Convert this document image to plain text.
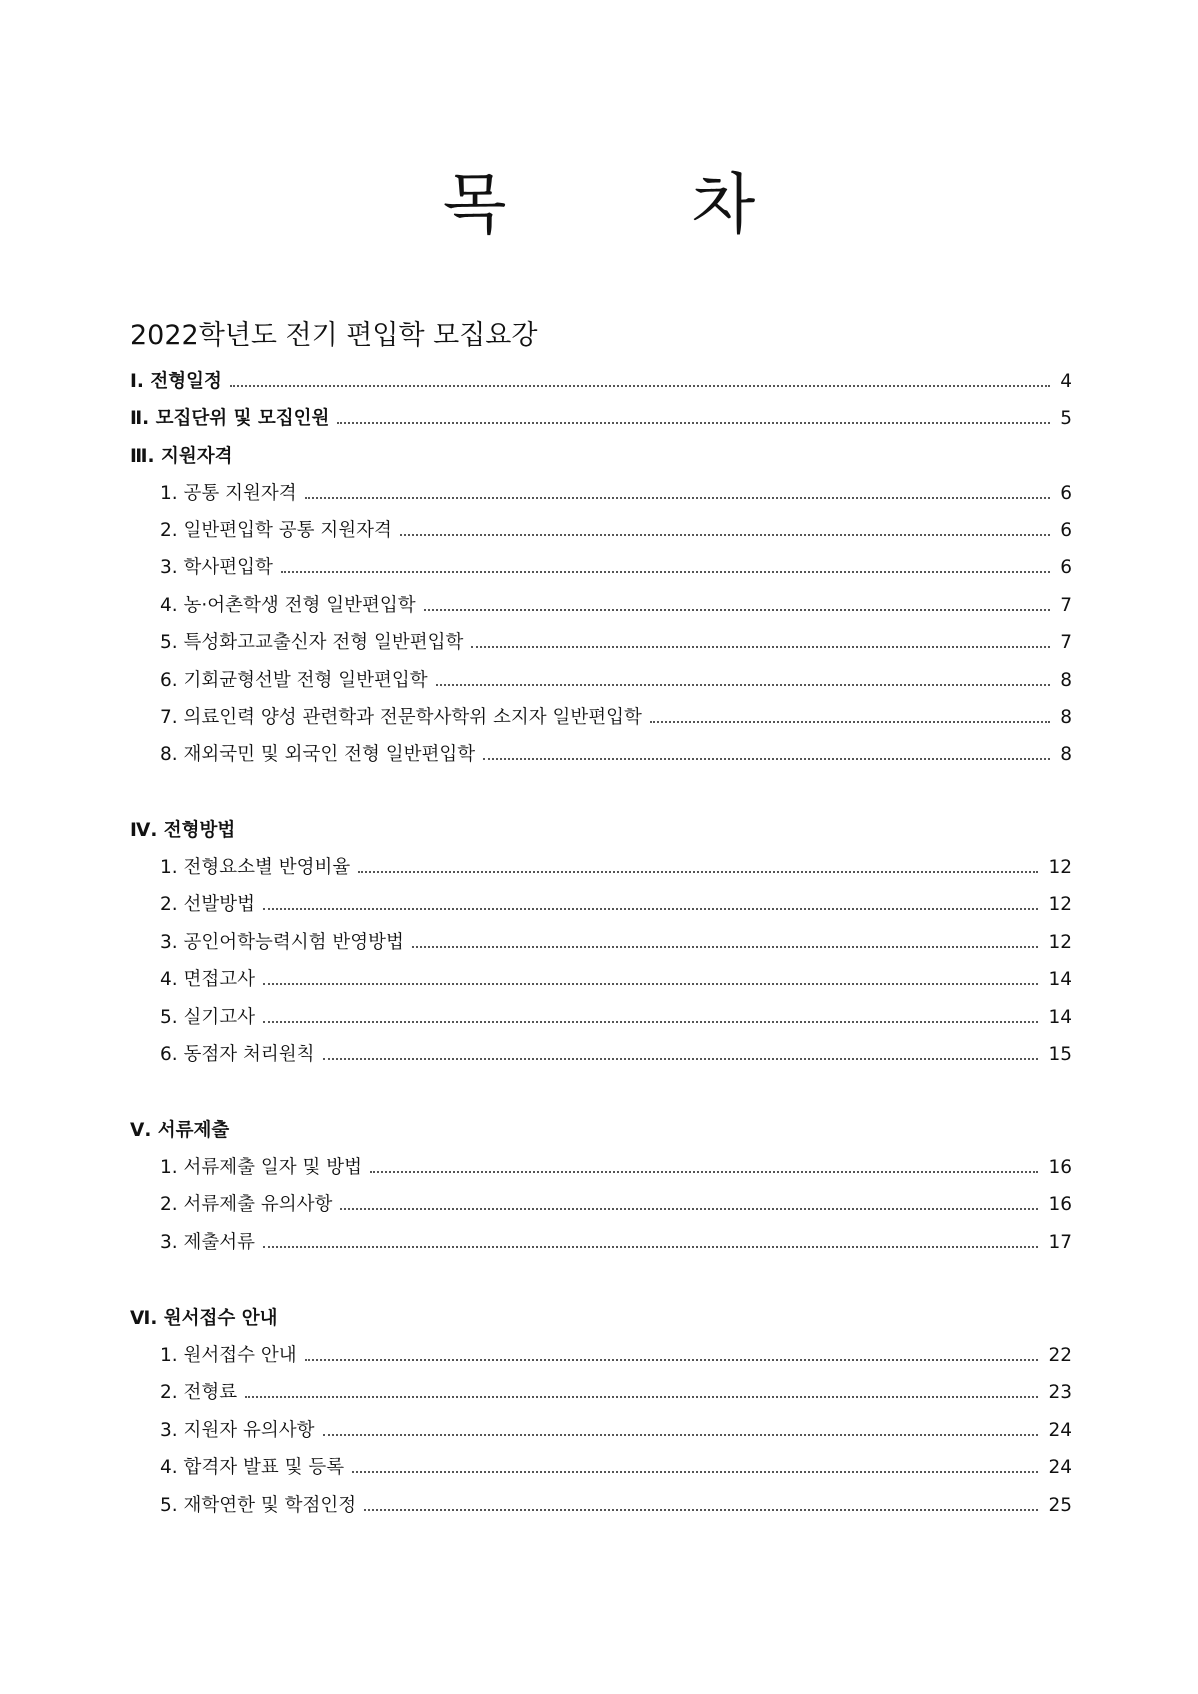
목 차
2022학년도 전기 편입학 모집요강
Ⅰ. 전형일정	4
Ⅱ. 모집단위 및 모집인원	5
Ⅲ. 지원자격
1. 공통 지원자격	6
2. 일반편입학 공통 지원자격	6
3. 학사편입학	6
4. 농·어촌학생 전형 일반편입학	7
5. 특성화고교출신자 전형 일반편입학	7
6. 기회균형선발 전형 일반편입학	8
7. 의료인력 양성 관련학과 전문학사학위 소지자 일반편입학	8
8. 재외국민 및 외국인 전형 일반편입학	8
Ⅳ. 전형방법
1. 전형요소별 반영비율	12
2. 선발방법	12
3. 공인어학능력시험 반영방법	12
4. 면접고사	14
5. 실기고사	14
6. 동점자 처리원칙	15
Ⅴ. 서류제출
1. 서류제출 일자 및 방법	16
2. 서류제출 유의사항	16
3. 제출서류	17
Ⅵ. 원서접수 안내
1. 원서접수 안내	22
2. 전형료	23
3. 지원자 유의사항	24
4. 합격자 발표 및 등록	24
5. 재학연한 및 학점인정	25
